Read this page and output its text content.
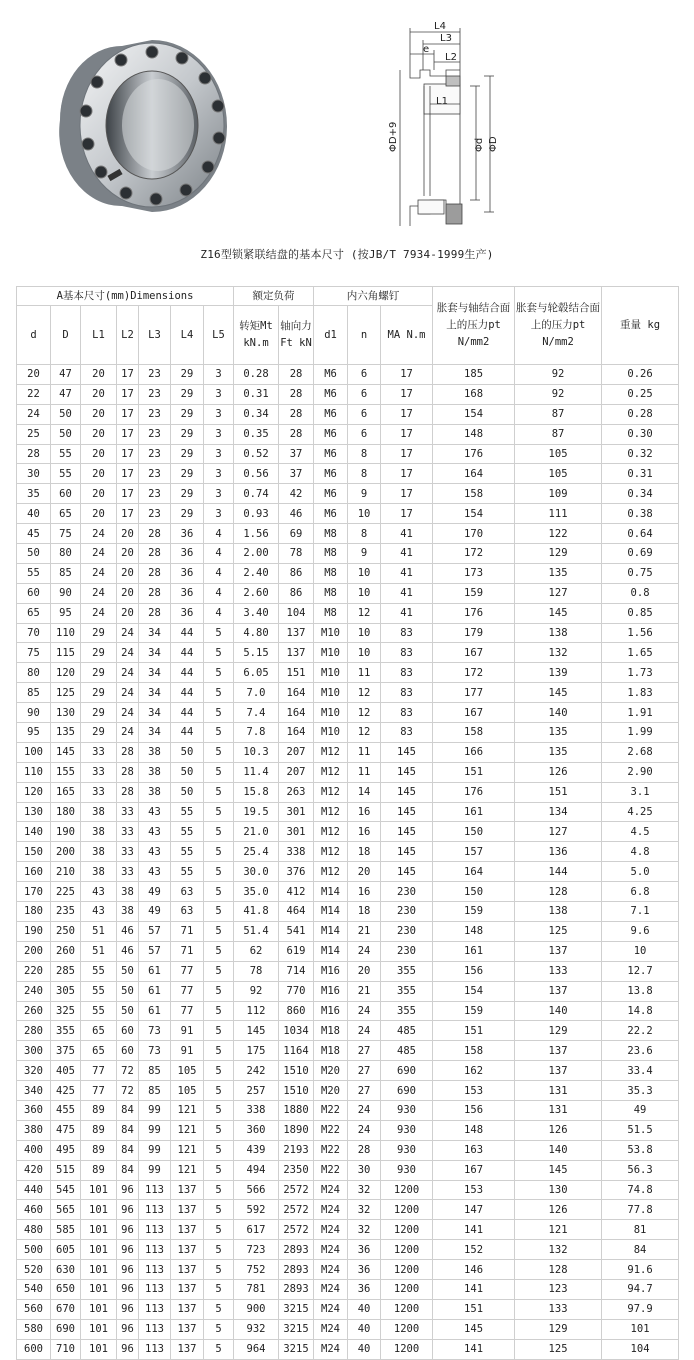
L4
L3
e
L2
L1
ΦD+9	Φd ΦD
Z16型锁紧联结盘的基本尺寸 (按JB/T 7934-1999生产)
A基本尺寸(mm)Dimensions							额定负荷		内六角螺钉			胀套与轴结合面上的压力pt N/mm2	胀套与轮毂结合面上的压力pt N/mm2	重量 kg
d	D	L1	L2	L3	L4	L5	转矩Mt kN.m	轴向力Ft kN	d1	n	MA N.m			
20	47	20	17	23	29	3	0.28	28	M6	6	17	185	92	0.26
22	47	20	17	23	29	3	0.31	28	M6	6	17	168	92	0.25
24	50	20	17	23	29	3	0.34	28	M6	6	17	154	87	0.28
25	50	20	17	23	29	3	0.35	28	M6	6	17	148	87	0.30
28	55	20	17	23	29	3	0.52	37	M6	8	17	176	105	0.32
30	55	20	17	23	29	3	0.56	37	M6	8	17	164	105	0.31
35	60	20	17	23	29	3	0.74	42	M6	9	17	158	109	0.34
40	65	20	17	23	29	3	0.93	46	M6	10	17	154	111	0.38
45	75	24	20	28	36	4	1.56	69	M8	8	41	170	122	0.64
50	80	24	20	28	36	4	2.00	78	M8	9	41	172	129	0.69
55	85	24	20	28	36	4	2.40	86	M8	10	41	173	135	0.75
60	90	24	20	28	36	4	2.60	86	M8	10	41	159	127	0.8
65	95	24	20	28	36	4	3.40	104	M8	12	41	176	145	0.85
70	110	29	24	34	44	5	4.80	137	M10	10	83	179	138	1.56
75	115	29	24	34	44	5	5.15	137	M10	10	83	167	132	1.65
80	120	29	24	34	44	5	6.05	151	M10	11	83	172	139	1.73
85	125	29	24	34	44	5	7.0	164	M10	12	83	177	145	1.83
90	130	29	24	34	44	5	7.4	164	M10	12	83	167	140	1.91
95	135	29	24	34	44	5	7.8	164	M10	12	83	158	135	1.99
100	145	33	28	38	50	5	10.3	207	M12	11	145	166	135	2.68
110	155	33	28	38	50	5	11.4	207	M12	11	145	151	126	2.90
120	165	33	28	38	50	5	15.8	263	M12	14	145	176	151	3.1
130	180	38	33	43	55	5	19.5	301	M12	16	145	161	134	4.25
140	190	38	33	43	55	5	21.0	301	M12	16	145	150	127	4.5
150	200	38	33	43	55	5	25.4	338	M12	18	145	157	136	4.8
160	210	38	33	43	55	5	30.0	376	M12	20	145	164	144	5.0
170	225	43	38	49	63	5	35.0	412	M14	16	230	150	128	6.8
180	235	43	38	49	63	5	41.8	464	M14	18	230	159	138	7.1
190	250	51	46	57	71	5	51.4	541	M14	21	230	148	125	9.6
200	260	51	46	57	71	5	62	619	M14	24	230	161	137	10
220	285	55	50	61	77	5	78	714	M16	20	355	156	133	12.7
240	305	55	50	61	77	5	92	770	M16	21	355	154	137	13.8
260	325	55	50	61	77	5	112	860	M16	24	355	159	140	14.8
280	355	65	60	73	91	5	145	1034	M18	24	485	151	129	22.2
300	375	65	60	73	91	5	175	1164	M18	27	485	158	137	23.6
320	405	77	72	85	105	5	242	1510	M20	27	690	162	137	33.4
340	425	77	72	85	105	5	257	1510	M20	27	690	153	131	35.3
360	455	89	84	99	121	5	338	1880	M22	24	930	156	131	49
380	475	89	84	99	121	5	360	1890	M22	24	930	148	126	51.5
400	495	89	84	99	121	5	439	2193	M22	28	930	163	140	53.8
420	515	89	84	99	121	5	494	2350	M22	30	930	167	145	56.3
440	545	101	96	113	137	5	566	2572	M24	32	1200	153	130	74.8
460	565	101	96	113	137	5	592	2572	M24	32	1200	147	126	77.8
480	585	101	96	113	137	5	617	2572	M24	32	1200	141	121	81
500	605	101	96	113	137	5	723	2893	M24	36	1200	152	132	84
520	630	101	96	113	137	5	752	2893	M24	36	1200	146	128	91.6
540	650	101	96	113	137	5	781	2893	M24	36	1200	141	123	94.7
560	670	101	96	113	137	5	900	3215	M24	40	1200	151	133	97.9
580	690	101	96	113	137	5	932	3215	M24	40	1200	145	129	101
600	710	101	96	113	137	5	964	3215	M24	40	1200	141	125	104
